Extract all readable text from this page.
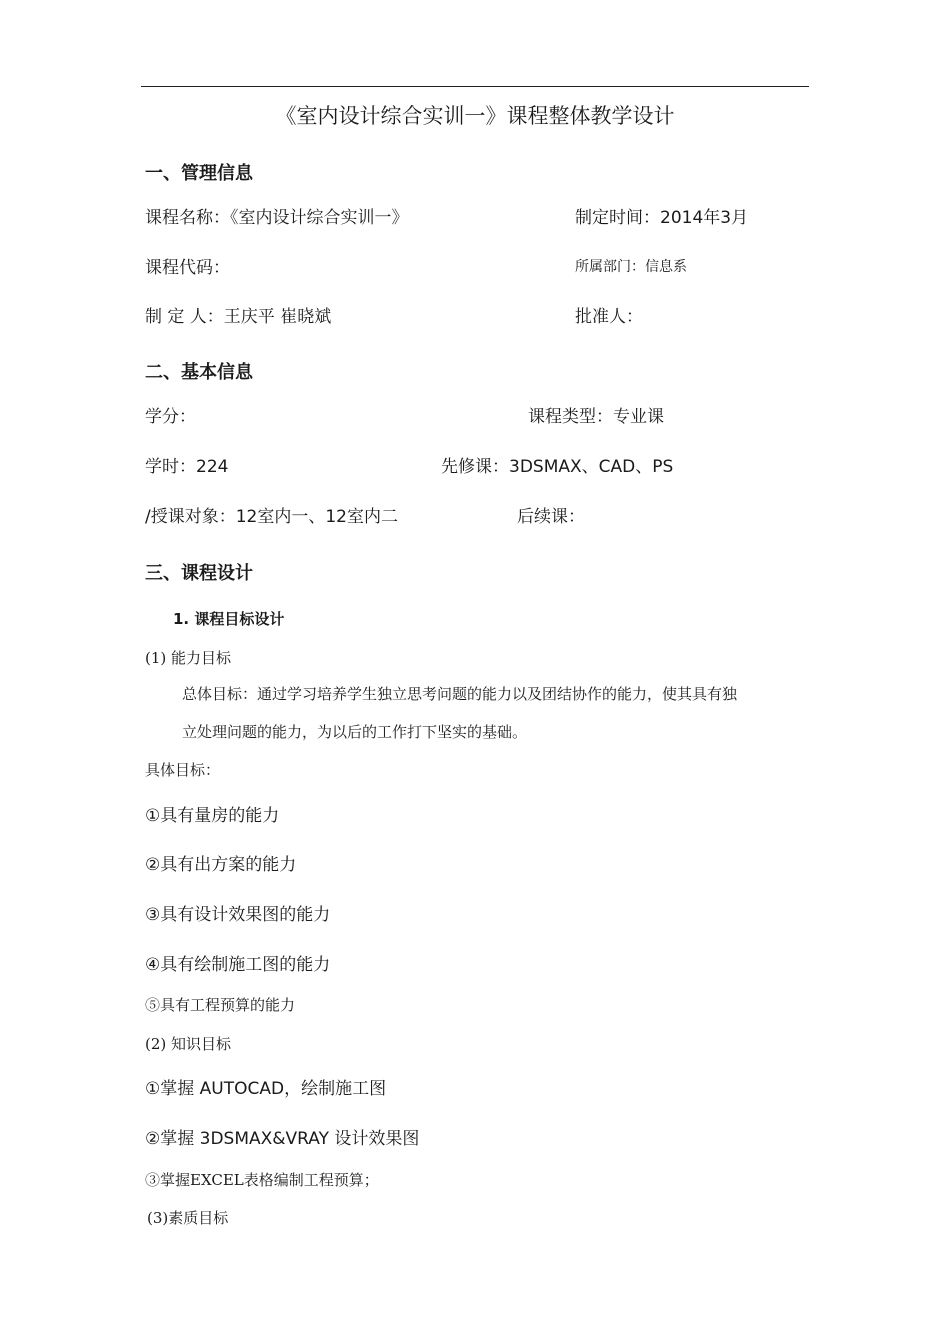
《室内设计综合实训一》课程整体教学设计
一、管理信息
课程名称：《室内设计综合实训一》	制定时间：2014年3月
课程代码：	所属部门：信息系
制 定 人：王庆平 崔晓斌	批准人：
二、基本信息
学分：	课程类型：专业课
学时：224	先修课：3DSMAX、CAD、PS
/授课对象：12室内一、12室内二	后续课：
三、课程设计
1. 课程目标设计
(1) 能力目标
总体目标：通过学习培养学生独立思考问题的能力以及团结协作的能力，使其具有独
立处理问题的能力，为以后的工作打下坚实的基础。
具体目标：
①具有量房的能力
②具有出方案的能力
③具有设计效果图的能力
④具有绘制施工图的能力
⑤具有工程预算的能力
(2) 知识目标
①掌握 AUTOCAD，绘制施工图
②掌握 3DSMAX&VRAY 设计效果图
③掌握EXCEL表格编制工程预算；
(3)素质目标
